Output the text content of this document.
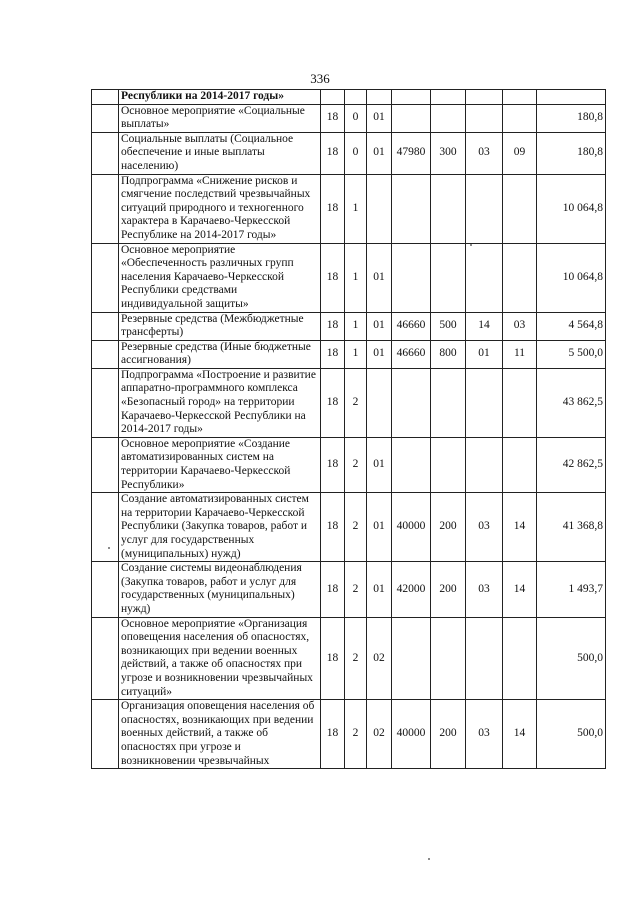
336
	Республики на 2014-2017 годы»								
	Основное мероприятие «Социальные выплаты»	18	0	01					180,8
	Социальные выплаты (Социальное обеспечение и иные выплаты населению)	18	0	01	47980	300	03	09	180,8
	Подпрограмма «Снижение рисков и смягчение последствий чрезвычайных ситуаций природного и техногенного характера в Карачаево-Черкесской Республике на 2014-2017 годы»	18	1						10 064,8
	Основное мероприятие «Обеспеченность различных групп населения Карачаево-Черкесской Республики средствами индивидуальной защиты»	18	1	01					10 064,8
	Резервные средства (Межбюджетные трансферты)	18	1	01	46660	500	14	03	4 564,8
	Резервные средства (Иные бюджетные ассигнования)	18	1	01	46660	800	01	11	5 500,0
	Подпрограмма «Построение и развитие аппаратно-программного комплекса «Безопасный город» на территории Карачаево-Черкесской Республики на 2014-2017 годы»	18	2						43 862,5
	Основное мероприятие «Создание автоматизированных систем на территории Карачаево-Черкесской Республики»	18	2	01					42 862,5
	Создание автоматизированных систем на территории Карачаево-Черкесской Республики (Закупка товаров, работ и услуг для государственных (муниципальных) нужд)	18	2	01	40000	200	03	14	41 368,8
	Создание системы видеонаблюдения (Закупка товаров, работ и услуг для государственных (муниципальных) нужд)	18	2	01	42000	200	03	14	1 493,7
	Основное мероприятие «Организация оповещения населения об опасностях, возникающих при ведении военных действий, а также об опасностях при угрозе и возникновении чрезвычайных ситуаций»	18	2	02					500,0
	Организация оповещения населения об опасностях, возникающих при ведении военных действий, а также об опасностях при угрозе и возникновении чрезвычайных	18	2	02	40000	200	03	14	500,0
